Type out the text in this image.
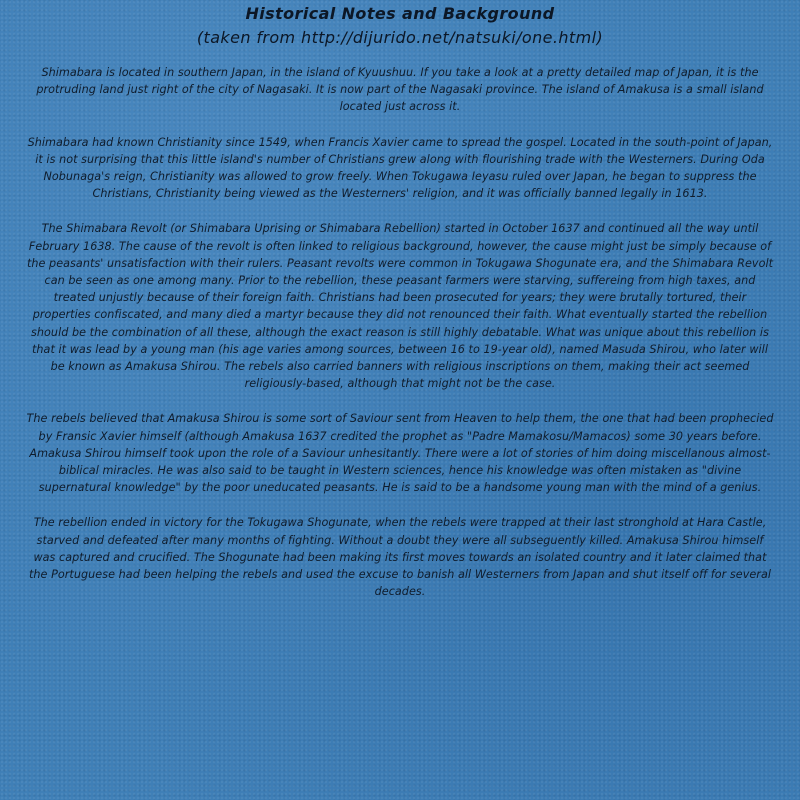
Historical Notes and Background
(taken from http://dijurido.net/natsuki/one.html)

Shimabara is located in southern Japan, in the island of Kyuushuu. If you take a look at a pretty detailed map of Japan, it is the protruding land just right of the city of Nagasaki. It is now part of the Nagasaki province. The island of Amakusa is a small island located just across it.

Shimabara had known Christianity since 1549, when Francis Xavier came to spread the gospel. Located in the south-point of Japan, it is not surprising that this little island's number of Christians grew along with flourishing trade with the Westerners. During Oda Nobunaga's reign, Christianity was allowed to grow freely. When Tokugawa Ieyasu ruled over Japan, he began to suppress the Christians, Christianity being viewed as the Westerners' religion, and it was officially banned legally in 1613.

The Shimabara Revolt (or Shimabara Uprising or Shimabara Rebellion) started in October 1637 and continued all the way until February 1638. The cause of the revolt is often linked to religious background, however, the cause might just be simply because of the peasants' unsatisfaction with their rulers. Peasant revolts were common in Tokugawa Shogunate era, and the Shimabara Revolt can be seen as one among many. Prior to the rebellion, these peasant farmers were starving, suffereing from high taxes, and treated unjustly because of their foreign faith. Christians had been prosecuted for years; they were brutally tortured, their properties confiscated, and many died a martyr because they did not renounced their faith. What eventually started the rebellion should be the combination of all these, although the exact reason is still highly debatable. What was unique about this rebellion is that it was lead by a young man (his age varies among sources, between 16 to 19-year old), named Masuda Shirou, who later will be known as Amakusa Shirou. The rebels also carried banners with religious inscriptions on them, making their act seemed religiously-based, although that might not be the case.

The rebels believed that Amakusa Shirou is some sort of Saviour sent from Heaven to help them, the one that had been prophecied by Fransic Xavier himself (although Amakusa 1637 credited the prophet as "Padre Mamakosu/Mamacos) some 30 years before. Amakusa Shirou himself took upon the role of a Saviour unhesitantly. There were a lot of stories of him doing miscellanous almost-biblical miracles. He was also said to be taught in Western sciences, hence his knowledge was often mistaken as "divine supernatural knowledge" by the poor uneducated peasants. He is said to be a handsome young man with the mind of a genius.

The rebellion ended in victory for the Tokugawa Shogunate, when the rebels were trapped at their last stronghold at Hara Castle, starved and defeated after many months of fighting. Without a doubt they were all subseguently killed. Amakusa Shirou himself was captured and crucified. The Shogunate had been making its first moves towards an isolated country and it later claimed that the Portuguese had been helping the rebels and used the excuse to banish all Westerners from Japan and shut itself off for several decades.
